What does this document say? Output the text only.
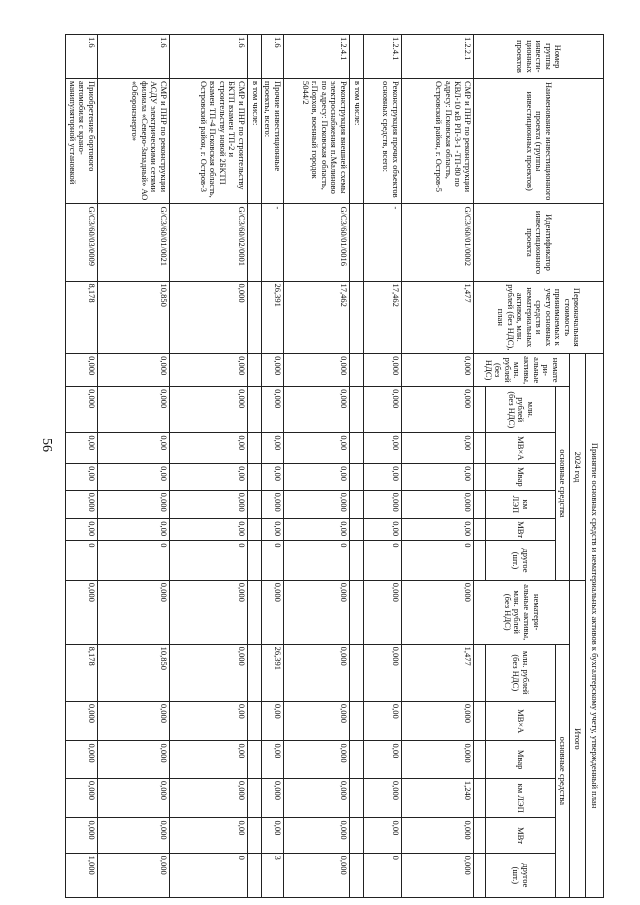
56
Номер группы инвести-ционных проектов	Наименование инвестиционного проекта (группы инвестиционных проектов)	Идентификатор инвестиционного проекта	Первоначальная стоимость принимаемых к учету основных средств и нематериальных активов, млн. рублей (без НДС), план	Принятие основных средств и нематериальных активов к бухгалтерскому учету, утвержденный план													
				2024 год							Итого						
				нематери-альные активы, млн. рублей (без НДС)	основные средства						нематери-альные активы, млн. рублей (без НДС)	основные средства					
					млн. рублей (без НДС)	МВ×А	Мвар	км ЛЭП	МВт	другое (шт.)		млн. рублей (без НДС)	МВ×А	Мвар	км ЛЭП	МВт	другое (шт.)

1.2.2.1	СМР и ПНР по реконструкции КВЛ-10 кВ РП-3-1 -ТП-80 по адресу: Псковская область, Островский район, г. Остров-5	G/C3/60/01/0002	1,477	0,000	0,000	0,00	0,00	0,000	0,00	0	0,000	1,477	0,000	0,000	1,240	0,000	0,000
1.2.4.1	Реконструкция прочих объектов основных средств, всего:	-	17,462	0,000	0,000	0,00	0,00	0,000	0,00	0	0,000	0,000	0,00	0,00	0,000	0,00	0
	в том числе:																
1.2.4.1	Реконструкция внешней схемы электроснабжения п.Малиново по адресу: Псковская область, г.Порхов, военный городок 5044/2	G/C3/60/01/0016	17,462	0,000	0,000	0,00	0,00	0,000	0,00	0	0,000	0,000	0,000	0,000	0,000	0,000	0,000
1.6	Прочие инвестиционные проекты, всего:	-	26,391	0,000	0,000	0,00	0,00	0,000	0,00	0	0,000	26,391	0,00	0,00	0,000	0,00	3
	в том числе:																
1.6	СМР и ПНР по строительству БКТП взамен ТП-2 и строительству новой 2БКТП взамен ТП-4 Псковская область, Островский район, г. Остров-3	G/C3/60/02/0001	0,000	0,000	0,000	0,00	0,00	0,000	0,00	0	0,000	0,000	0,00	0,00	0,000	0,00	0
1.6	СМР и ПНР по реконструкции АСДУ электрическими сетями филиала «Северо-Западный» АО «Оборонэнерго»	G/C3/60/01/0021	10,850	0,000	0,000	0,00	0,00	0,000	0,00	0	0,000	10,850	0,000	0,000	0,000	0,000	0,000
1.6	Приобретение бортового автомобиля с крано-манипуляторной установкой	G/C3/60/03/0009	8,178	0,000	0,000	0,00	0,00	0,000	0,00	0	0,000	8,178	0,000	0,000	0,000	0,000	1,000
